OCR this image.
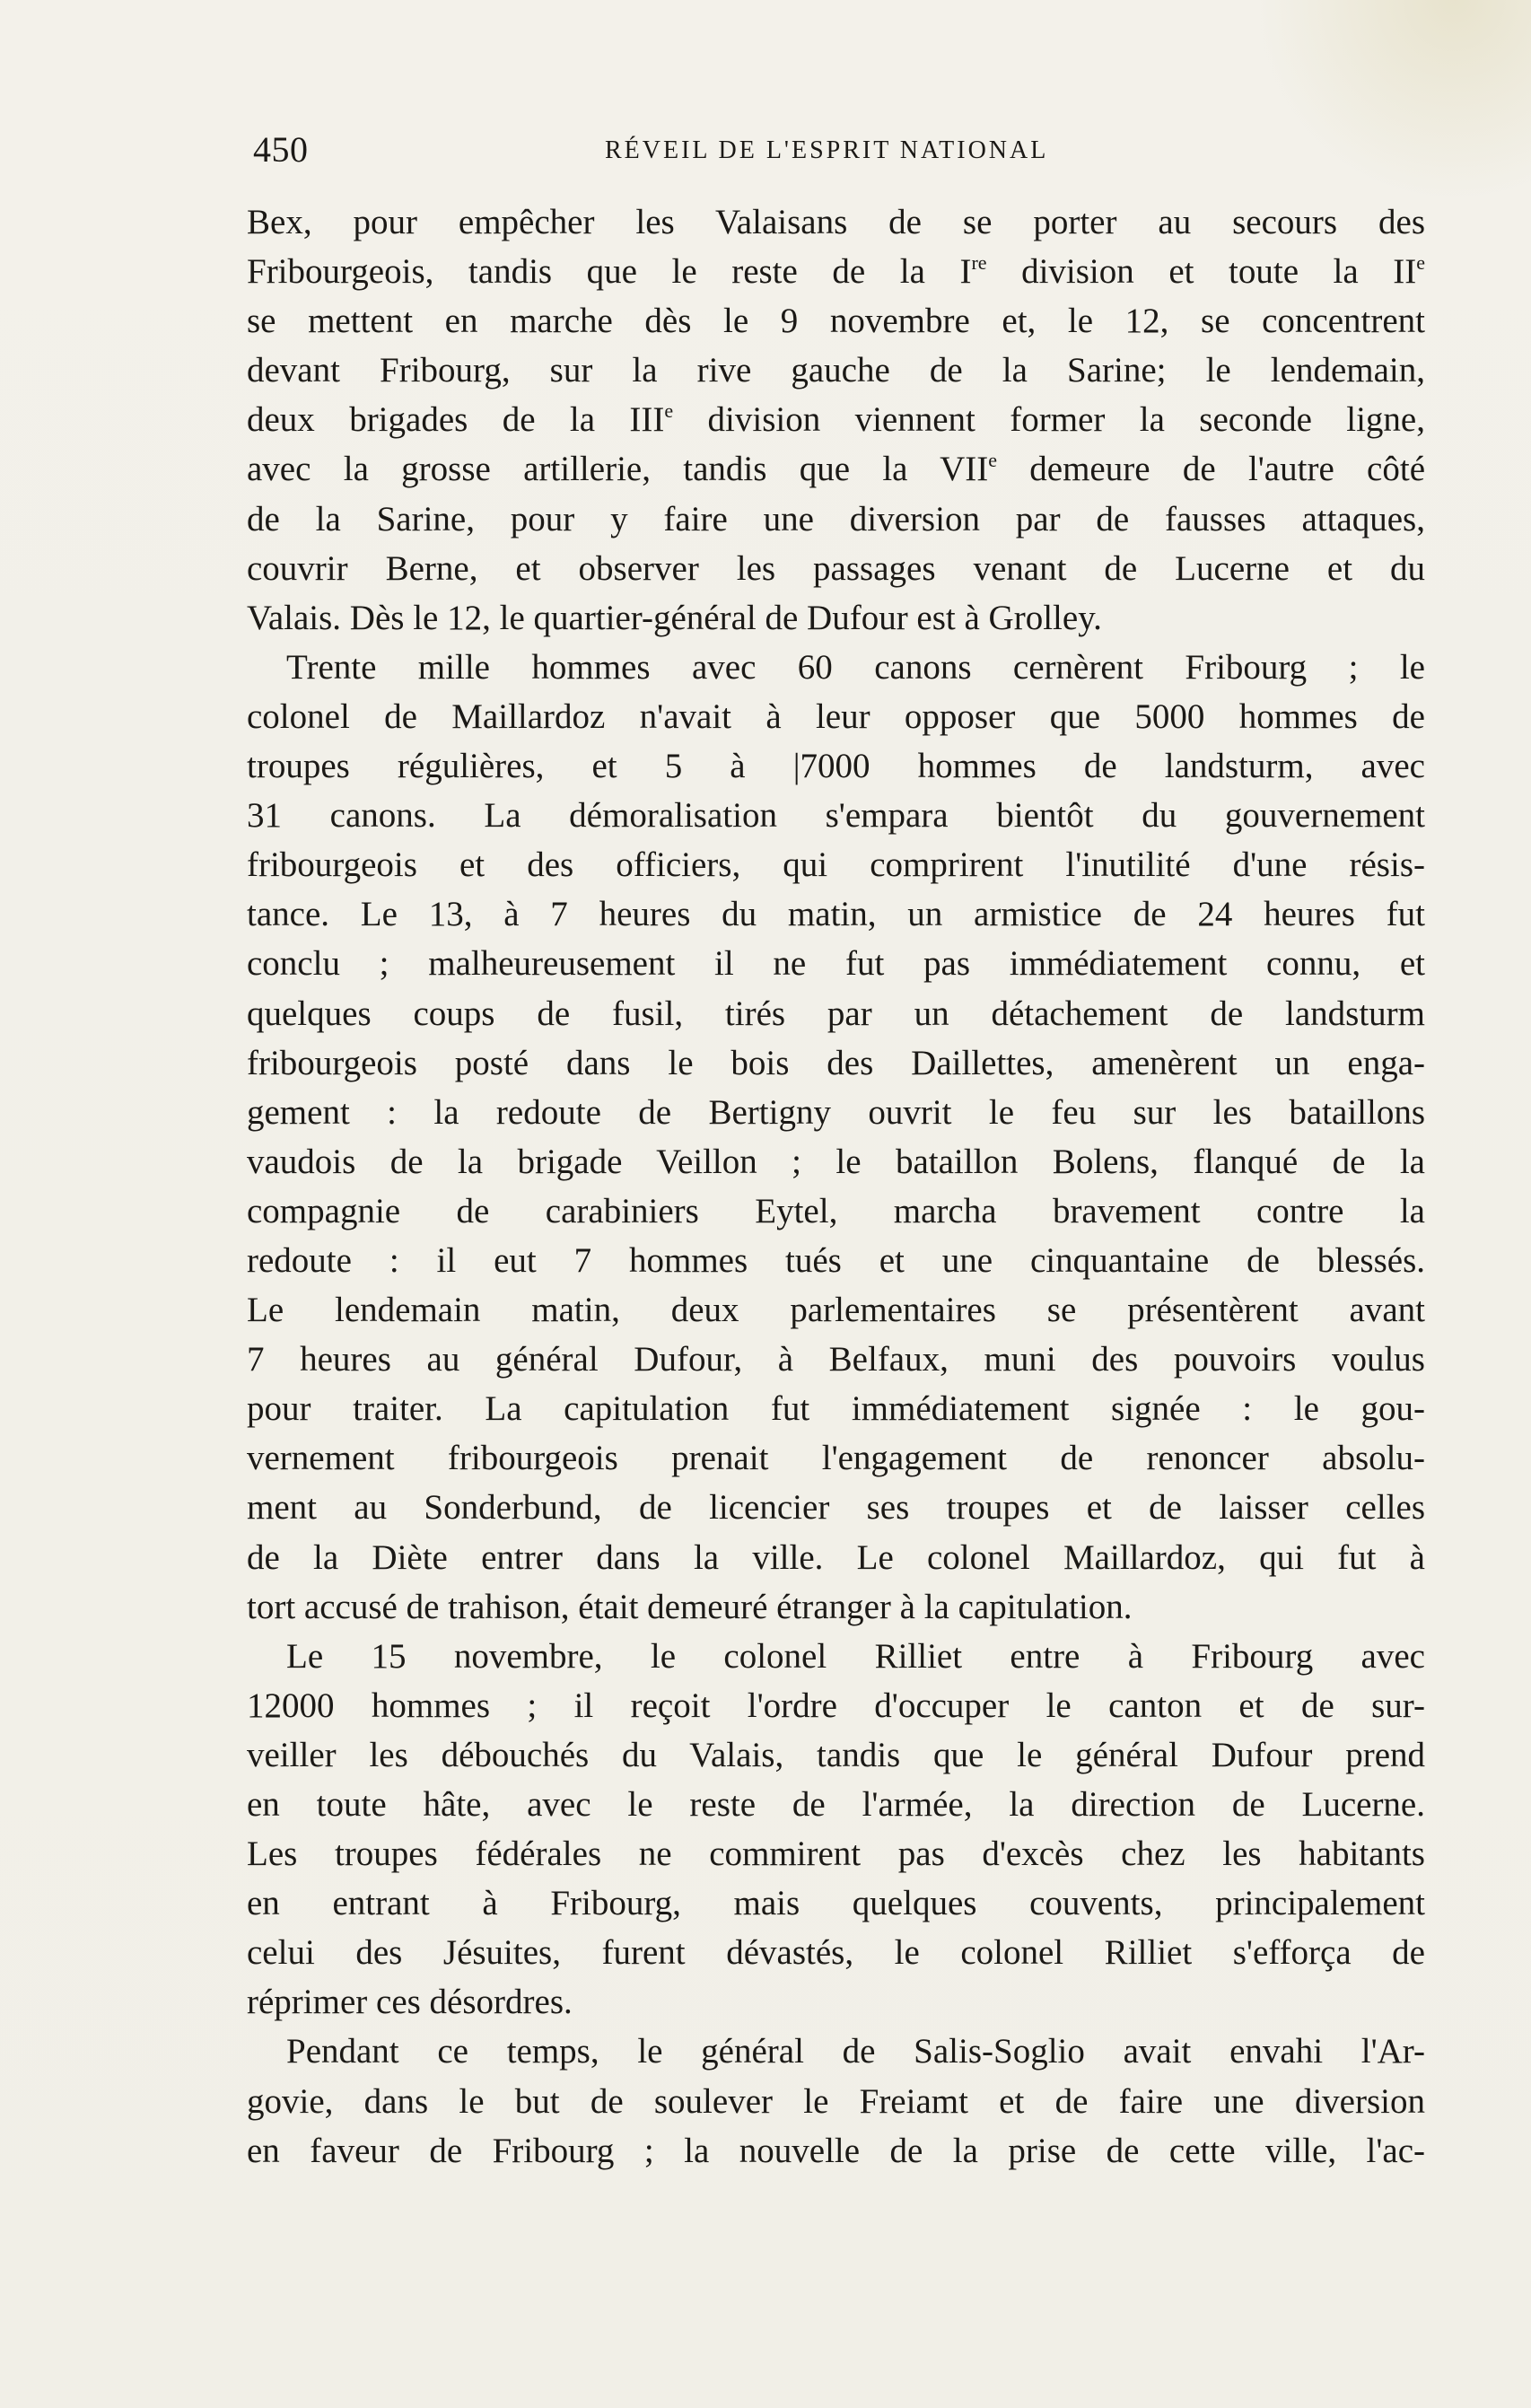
450	RÉVEIL DE L'ESPRIT NATIONAL
Bex, pour empêcher les Valaisans de se porter au secours des
Fribourgeois, tandis que le reste de la Ire division et toute la IIe
se mettent en marche dès le 9 novembre et, le 12, se concentrent
devant Fribourg, sur la rive gauche de la Sarine; le lendemain,
deux brigades de la IIIe division viennent former la seconde ligne,
avec la grosse artillerie, tandis que la VIIe demeure de l'autre côté
de la Sarine, pour y faire une diversion par de fausses attaques,
couvrir Berne, et observer les passages venant de Lucerne et du
Valais. Dès le 12, le quartier-général de Dufour est à Grolley.
Trente mille hommes avec 60 canons cernèrent Fribourg ; le
colonel de Maillardoz n'avait à leur opposer que 5000 hommes de
troupes régulières, et 5 à |7000 hommes de landsturm, avec
31 canons. La démoralisation s'empara bientôt du gouvernement
fribourgeois et des officiers, qui comprirent l'inutilité d'une résis-
tance. Le 13, à 7 heures du matin, un armistice de 24 heures fut
conclu ; malheureusement il ne fut pas immédiatement connu, et
quelques coups de fusil, tirés par un détachement de landsturm
fribourgeois posté dans le bois des Daillettes, amenèrent un enga-
gement : la redoute de Bertigny ouvrit le feu sur les bataillons
vaudois de la brigade Veillon ; le bataillon Bolens, flanqué de la
compagnie de carabiniers Eytel, marcha bravement contre la
redoute : il eut 7 hommes tués et une cinquantaine de blessés.
Le lendemain matin, deux parlementaires se présentèrent avant
7 heures au général Dufour, à Belfaux, muni des pouvoirs voulus
pour traiter. La capitulation fut immédiatement signée : le gou-
vernement fribourgeois prenait l'engagement de renoncer absolu-
ment au Sonderbund, de licencier ses troupes et de laisser celles
de la Diète entrer dans la ville. Le colonel Maillardoz, qui fut à
tort accusé de trahison, était demeuré étranger à la capitulation.
Le 15 novembre, le colonel Rilliet entre à Fribourg avec
12000 hommes ; il reçoit l'ordre d'occuper le canton et de sur-
veiller les débouchés du Valais, tandis que le général Dufour prend
en toute hâte, avec le reste de l'armée, la direction de Lucerne.
Les troupes fédérales ne commirent pas d'excès chez les habitants
en entrant à Fribourg, mais quelques couvents, principalement
celui des Jésuites, furent dévastés, le colonel Rilliet s'efforça de
réprimer ces désordres.
Pendant ce temps, le général de Salis-Soglio avait envahi l'Ar-
govie, dans le but de soulever le Freiamt et de faire une diversion
en faveur de Fribourg ; la nouvelle de la prise de cette ville, l'ac-
